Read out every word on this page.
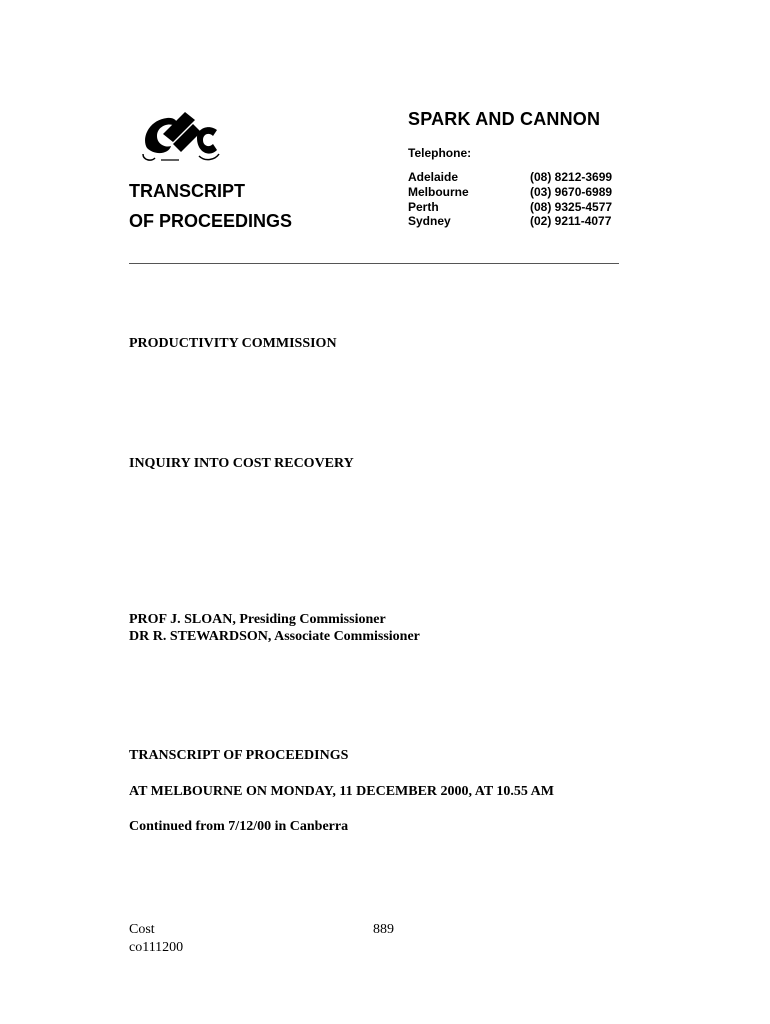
SPARK AND CANNON
Telephone:
Adelaide
Melbourne
Perth
Sydney
(08) 8212-3699
(03) 9670-6989
(08) 9325-4577
(02) 9211-4077
TRANSCRIPT
OF PROCEEDINGS
PRODUCTIVITY COMMISSION
INQUIRY INTO COST RECOVERY
PROF J. SLOAN, Presiding Commissioner
DR R. STEWARDSON, Associate Commissioner
TRANSCRIPT OF PROCEEDINGS
AT MELBOURNE ON MONDAY, 11 DECEMBER 2000, AT 10.55 AM
Continued from 7/12/00 in Canberra
Cost
co111200
889
